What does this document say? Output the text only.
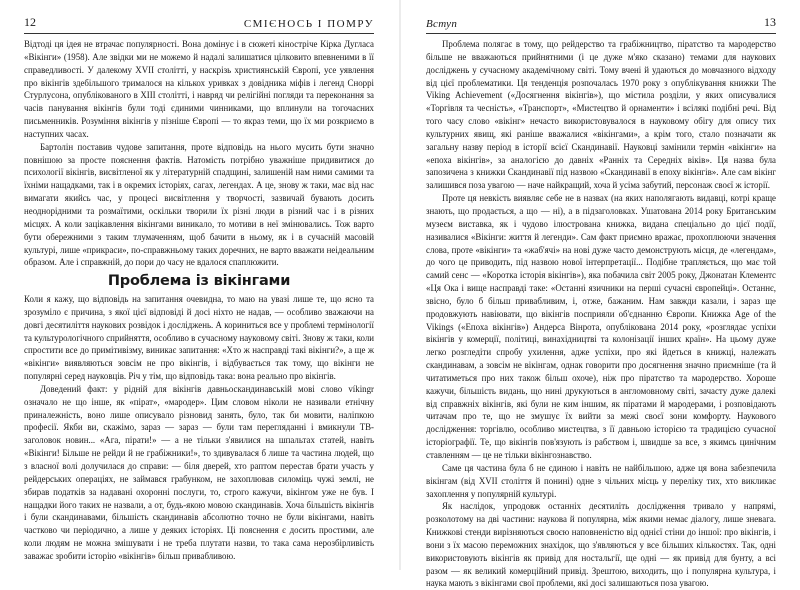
12	СМІЄНОСЬ І ПОМРУ

Відтоді ця ідея не втрачає популярності. Вона домінує і в сюжеті кіностріче Кірка Дугласа «Вікінги» (1958). Але звідки ми не можемо й надалі залишатися цілковито впевненими в її справедливості. У далекому XVII столітті, у наскрізь християнській Європі, усе уявлення про вікінгів здебільшого трималося на кількох уривках з довідника міфів і легенд Сноррі Стурлусона, опублікованого в XIII столітті, і навряд чи релігійні погляди та переконання за часів панування вікінгів були тоді єдиними чинниками, що вплинули на тогочасних письменників. Розуміння вікінгів у пізніше Європі — то якраз теми, що їх ми розкриємо в наступних часах.

Бартолін поставив чудове запитання, проте відповідь на нього мусить бути значно повнішою за просте пояснення фактів. Натомість потрібно уважніше придивитися до психології вікінгів, висвітленої як у літературній спадщині, залишеній нам ними самими та їхніми нащадками, так і в окремих історіях, сагах, легендах. А це, знову ж таки, має від нас вимагати якийсь час, у процесі висвітлення у творчості, зазвичай бувають досить неоднорідними та розмаїтими, оскільки творили їх різні люди в різний час і в різних місцях. А коли зацікавлення вікінгами виникало, то мотиви в неї змінювались. Тож варто бути обережними з таким тлумаченням, щоб бачити в ньому, як і в сучасній масовій культурі, лише «прикраси», по-справжньому таких доречних, не варто вважати неідеальним образом. Але і справжній, до пори до часу не вдалося спаплюжити.

Проблема із вікінгами

Коли я кажу, що відповідь на запитання очевидна, то маю на увазі лише те, що ясно та зрозуміло є причина, з якої цієї відповіді й досі ніхто не надав, — особливо зважаючи на довгі десятиліття наукових розвідок і досліджень. А кориниться все у проблемі термінології та культурологічного сприйняття, особливо в сучасному науковому світі. Знову ж таки, коли спростити все до примітивізму, виникає запитання: «Хто ж насправді такі вікінги?», а ще ж «вікінги» виявляються зовсім не про вікінгів, і відбувається так тому, що вікінги не популярні серед науковців. Річ у тім, що відповідь така: вона реально про вікінгів.

Доведений факт: у рідній для вікінгів давньоскандинавській мові слово víkingr означало не що інше, як «пірат», «мародер». Цим словом ніколи не називали етнічну приналежність, воно лише описувало різновид занять, було, так би мовити, наліпкою професії. Якби ви, скажімо, зараз — зараз — були там перегляданні і вмикнули ТВ-заголовок новин... «Ага, пірати!» — а не тільки з'явилися на шпальтах статей, навіть «Вікінги! Більше не рейди й не грабіжники!», то здивувалася б лише та частина людей, що з власної волі долучилася до справи: — біля дверей, хто раптом перестав брати участь у рейдерських операціях, не займався грабунком, не захоплював силоміць чужі землі, не збирав податків за надавані охоронні послуги, то, строго кажучи, вікінгом уже не був. І нащадки його таких не назвали, а от, будь-якою мовою скандинавів. Хоча більшість вікінгів і були скандинавами, більшість скандинавів абсолютно точно не були вікінгами, навіть частково чи періодично, а лише у деяких історіях. Ці пояснення є досить простими, але коли людям не можна змішувати і не треба плутати назви, то така сама нерозбірливість заважає зробити історію «вікінгів» більш привабливою.

Вступ	13

Проблема полягає в тому, що рейдерство та грабіжництво, піратство та мародерство більше не вважаються прийнятними (і це дуже м'яко сказано) темами для наукових досліджень у сучасному академічному світі. Тому вчені й удаються до мовчазного відходу від цієї проблематики. Ця тенденція розпочалась 1970 року з опублікування книжки The Viking Achievement («Досягнення вікінгів»), що містила розділи, у яких описувалися «Торгівля та чесність», «Транспорт», «Мистецтво й орнаменти» і всілякі подібні речі. Від того часу слово «вікінг» нечасто використовувалося в науковому обігу для опису тих культурних явищ, які раніше вважалися «вікінгами», а крім того, стало позначати як загальну назву період в історії всієї Скандинавії. Науковці замінили термін «вікінги» на «епоха вікінгів», за аналогією до давніх «Ранніх та Середніх віків». Ця назва була запозичена з книжки Скандинавії під назвою «Скандинавії в епоху вікінгів». Але сам вікінг залишився поза увагою — наче найкращий, хоча й усіма забутий, персонаж своєї ж історії.

Проте ця невкість виявляє себе не в назвах (на яких наполягають видавці, котрі краще знають, що продається, а що — ні), а в підзаголовках. Ушатована 2014 року Британським музеєм виставка, як і чудово ілюстрована книжка, видана спеціально до цієї події, називалися «Вікінги: життя й легенди». Сам факт приємно вражає, прохоплюючи значення слова, проте «вікінги» та «жаб'ячі» на нові дуже часто демонструють місця, де «легендам», до чого це приводить, під назвою нової інтерпретації... Подібне трапляється, що має той самий сенс — «Коротка історія вікінгів»), яка побачила світ 2005 року, Джонатан Клементс «Ця Ока і вище насправді таке: «Останні язичники на перші сучасні європейці». Останнє, звісно, було б більш привабливим, і, отже, бажаним. Нам завжди казали, і зараз ще продовжують навіювати, що вікінгів посприяли об'єднанню Європи. Книжка Age of the Vikings («Епоха вікінгів») Андерса Вінрота, опублікована 2014 року, «розглядає успіхи вікінгів у комерції, політиці, винахідництві та колонізації інших країн». На цьому дуже легко розгледіти спробу ухилення, адже успіхи, про які йдеться в книжці, належать скандинавам, а зовсім не вікінгам, однак говорити про досягнення значно приємніше (та й читатиметься про них також більш охоче), ніж про піратство та мародерство. Хороше кажучи, більшість видань, що нині друкуються в англомовному світі, зачасту дуже далекі від справжніх вікінгів, які були не ким іншим, як піратами й мародерами, і розповідають читачам про те, що не змушує їх вийти за межі своєї зони комфорту. Наукового дослідження: торгівлю, особливо мистецтва, з її давньою історією та традицією сучасної історіографії. Те, що вікінгів пов'язують із рабством і, швидше за все, з якимсь цинічним ставленням — це не тільки вікінгознавство.

Саме ця частина була б не єдиною і навіть не найбільшою, адже ця вона забезпечила вікінгам (від XVII століття й понині) одне з чільних місць у переліку тих, хто викликає захоплення у популярній культурі.

Як наслідок, упродовж останніх десятиліть дослідження тривало у напрямі, розколотому на дві частини: наукова й популярна, між якими немає діалогу, лише зневага. Книжкові стенди вирізняються своєю наповненістю від однієї стіни до іншої: про вікінгів, і вони з їх масою переможних знахідок, що з'являються у все більших кількостях. Так, одні використовують вікінгів як привід для ностальгії, ще одні — як привід для бунту, а всі разом — як великий комерційний привід. Зрештою, виходить, що і популярна культура, і наука мають з вікінгами свої проблеми, які досі залишаються поза увагою.
